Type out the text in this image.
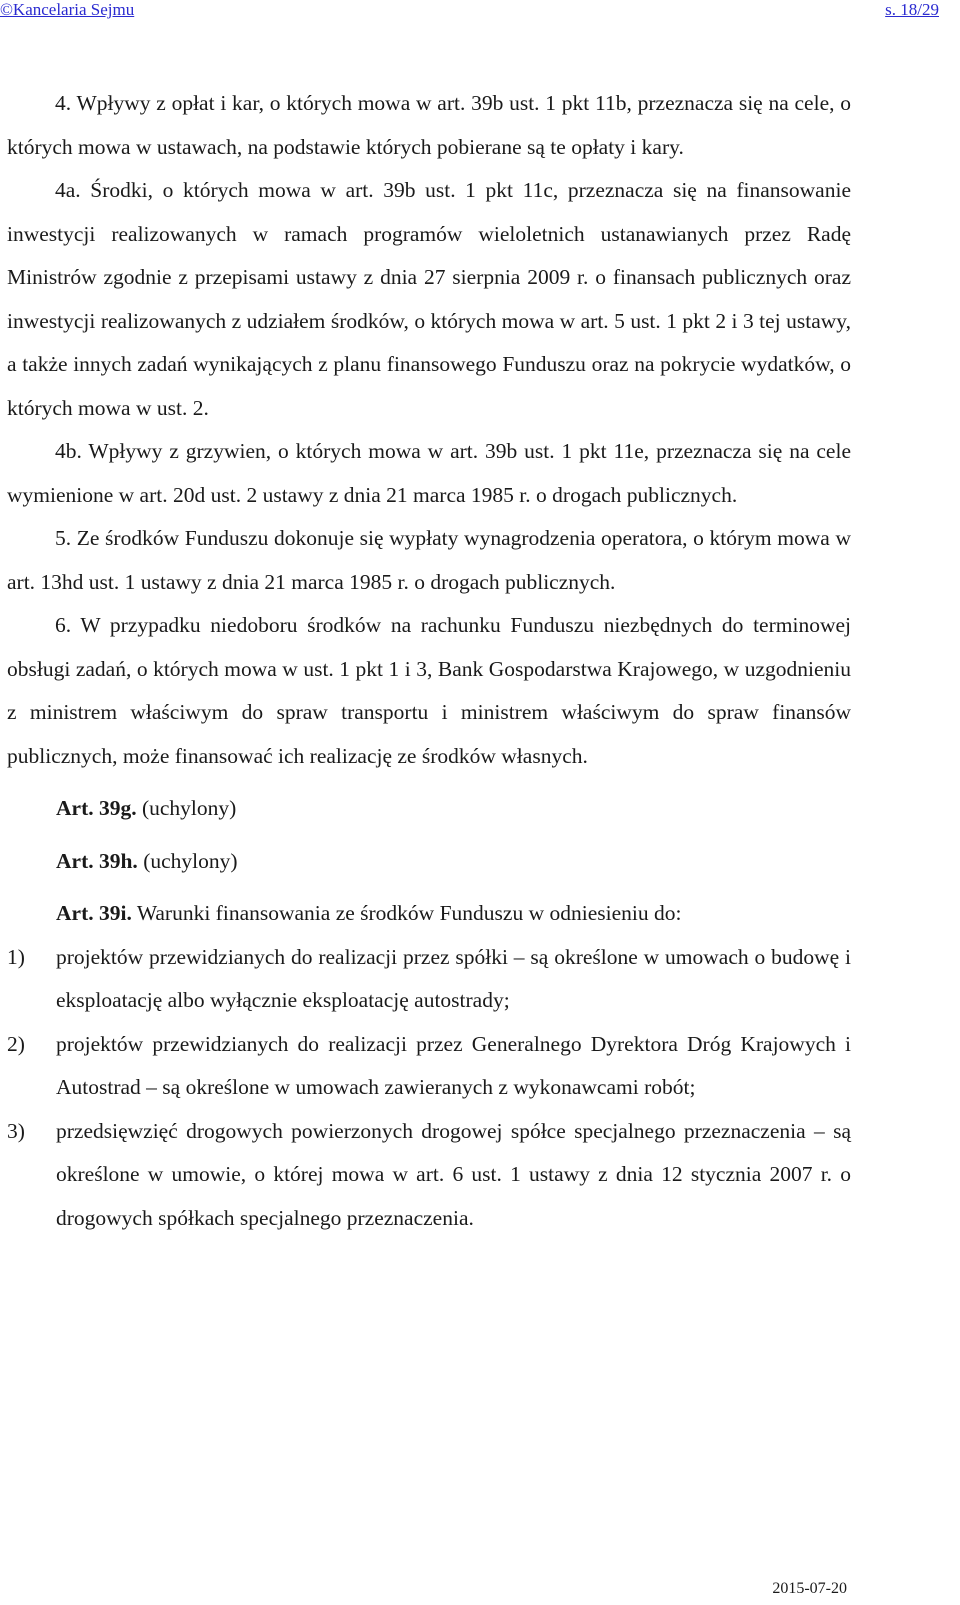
©Kancelaria Sejmu	s. 18/29

4. Wpływy z opłat i kar, o których mowa w art. 39b ust. 1 pkt 11b, przeznacza się na cele, o których mowa w ustawach, na podstawie których pobierane są te opłaty i kary.

4a. Środki, o których mowa w art. 39b ust. 1 pkt 11c, przeznacza się na finansowanie inwestycji realizowanych w ramach programów wieloletnich ustanawianych przez Radę Ministrów zgodnie z przepisami ustawy z dnia 27 sierpnia 2009 r. o finansach publicznych oraz inwestycji realizowanych z udziałem środków, o których mowa w art. 5 ust. 1 pkt 2 i 3 tej ustawy, a także innych zadań wynikających z planu finansowego Funduszu oraz na pokrycie wydatków, o których mowa w ust. 2.

4b. Wpływy z grzywien, o których mowa w art. 39b ust. 1 pkt 11e, przeznacza się na cele wymienione w art. 20d ust. 2 ustawy z dnia 21 marca 1985 r. o drogach publicznych.

5. Ze środków Funduszu dokonuje się wypłaty wynagrodzenia operatora, o którym mowa w art. 13hd ust. 1 ustawy z dnia 21 marca 1985 r. o drogach publicznych.

6. W przypadku niedoboru środków na rachunku Funduszu niezbędnych do terminowej obsługi zadań, o których mowa w ust. 1 pkt 1 i 3, Bank Gospodarstwa Krajowego, w uzgodnieniu z ministrem właściwym do spraw transportu i ministrem właściwym do spraw finansów publicznych, może finansować ich realizację ze środków własnych.

Art. 39g. (uchylony)

Art. 39h. (uchylony)

Art. 39i. Warunki finansowania ze środków Funduszu w odniesieniu do:

1)	projektów przewidzianych do realizacji przez spółki – są określone w umowach o budowę i eksploatację albo wyłącznie eksploatację autostrady;
2)	projektów przewidzianych do realizacji przez Generalnego Dyrektora Dróg Krajowych i Autostrad – są określone w umowach zawieranych z wykonawcami robót;
3)	przedsięwzięć drogowych powierzonych drogowej spółce specjalnego przeznaczenia – są określone w umowie, o której mowa w art. 6 ust. 1 ustawy z dnia 12 stycznia 2007 r. o drogowych spółkach specjalnego przeznaczenia.
2015-07-20
